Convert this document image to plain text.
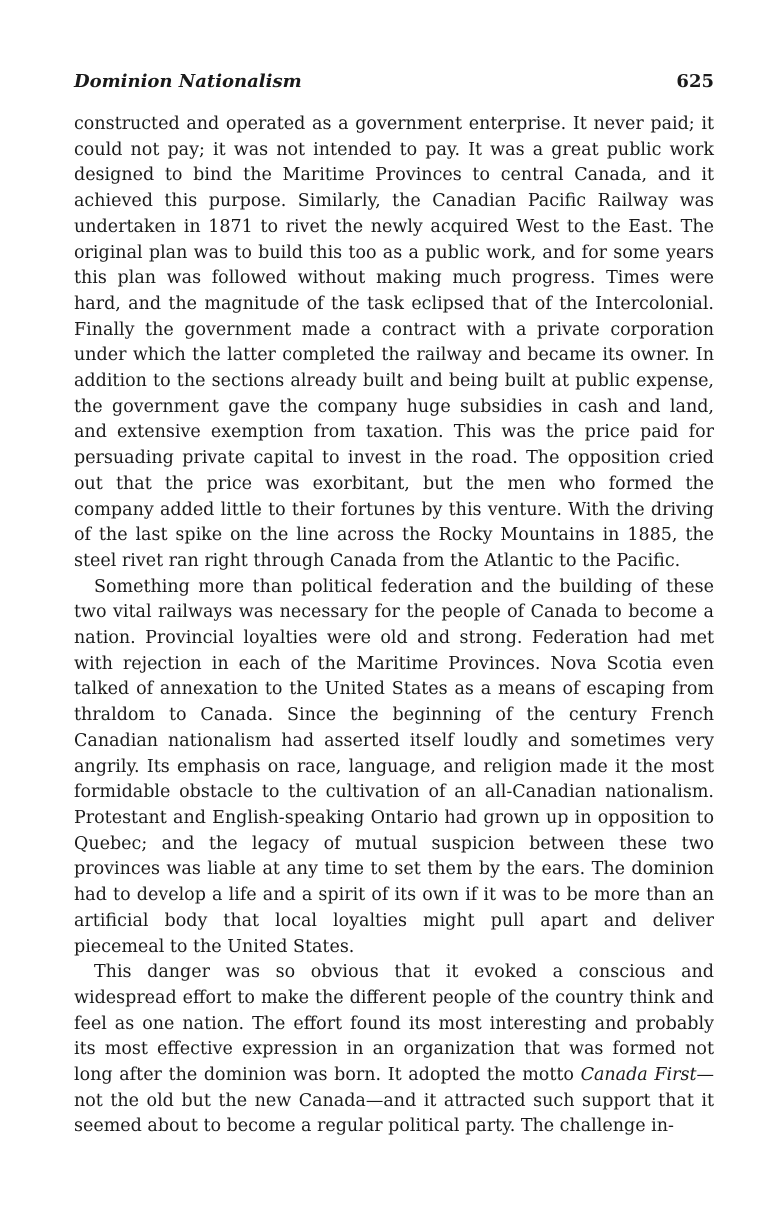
Dominion Nationalism	625

constructed and operated as a government enterprise. It never paid; it could not pay; it was not intended to pay. It was a great public work designed to bind the Maritime Provinces to central Canada, and it achieved this purpose. Similarly, the Canadian Pacific Railway was undertaken in 1871 to rivet the newly acquired West to the East. The original plan was to build this too as a public work, and for some years this plan was followed without making much progress. Times were hard, and the magnitude of the task eclipsed that of the Intercolonial. Finally the government made a contract with a private corporation under which the latter completed the railway and became its owner. In addition to the sections already built and being built at public expense, the government gave the company huge subsidies in cash and land, and extensive exemption from taxation. This was the price paid for persuading private capital to invest in the road. The opposition cried out that the price was exorbitant, but the men who formed the company added little to their fortunes by this venture. With the driving of the last spike on the line across the Rocky Mountains in 1885, the steel rivet ran right through Canada from the Atlantic to the Pacific.

Something more than political federation and the building of these two vital railways was necessary for the people of Canada to become a nation. Provincial loyalties were old and strong. Federation had met with rejection in each of the Maritime Provinces. Nova Scotia even talked of annexation to the United States as a means of escaping from thraldom to Canada. Since the beginning of the century French Canadian nationalism had asserted itself loudly and sometimes very angrily. Its emphasis on race, language, and religion made it the most formidable obstacle to the cultivation of an all-Canadian nationalism. Protestant and English-speaking Ontario had grown up in opposition to Quebec; and the legacy of mutual suspicion between these two provinces was liable at any time to set them by the ears. The dominion had to develop a life and a spirit of its own if it was to be more than an artificial body that local loyalties might pull apart and deliver piecemeal to the United States.

This danger was so obvious that it evoked a conscious and widespread effort to make the different people of the country think and feel as one nation. The effort found its most interesting and probably its most effective expression in an organization that was formed not long after the dominion was born. It adopted the motto Canada First—not the old but the new Canada—and it attracted such support that it seemed about to become a regular political party. The challenge in-
